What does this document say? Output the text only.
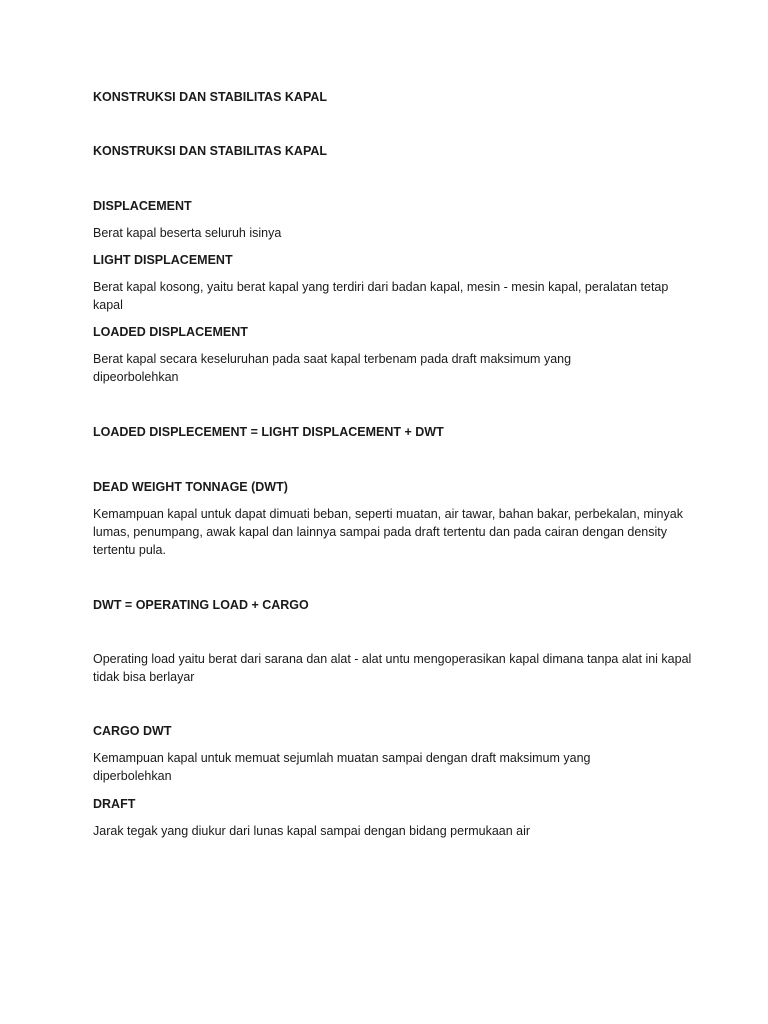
KONSTRUKSI DAN STABILITAS KAPAL
KONSTRUKSI DAN STABILITAS KAPAL
DISPLACEMENT
Berat kapal beserta seluruh isinya
LIGHT DISPLACEMENT
Berat kapal kosong, yaitu berat kapal yang terdiri dari badan kapal, mesin - mesin kapal, peralatan tetap kapal
LOADED DISPLACEMENT
Berat kapal secara keseluruhan pada saat kapal terbenam pada draft maksimum yang dipeorbolehkan
LOADED DISPLECEMENT = LIGHT DISPLACEMENT + DWT
DEAD WEIGHT TONNAGE (DWT)
Kemampuan kapal untuk dapat dimuati beban, seperti muatan, air tawar, bahan bakar, perbekalan, minyak lumas, penumpang, awak kapal dan lainnya sampai pada draft tertentu dan pada cairan dengan density tertentu pula.
DWT = OPERATING LOAD + CARGO
Operating load yaitu berat dari sarana dan alat - alat untu mengoperasikan kapal dimana tanpa alat ini kapal tidak bisa berlayar
CARGO DWT
Kemampuan kapal untuk memuat sejumlah muatan sampai dengan draft maksimum yang diperbolehkan
DRAFT
Jarak tegak yang diukur dari lunas kapal sampai dengan bidang permukaan air
